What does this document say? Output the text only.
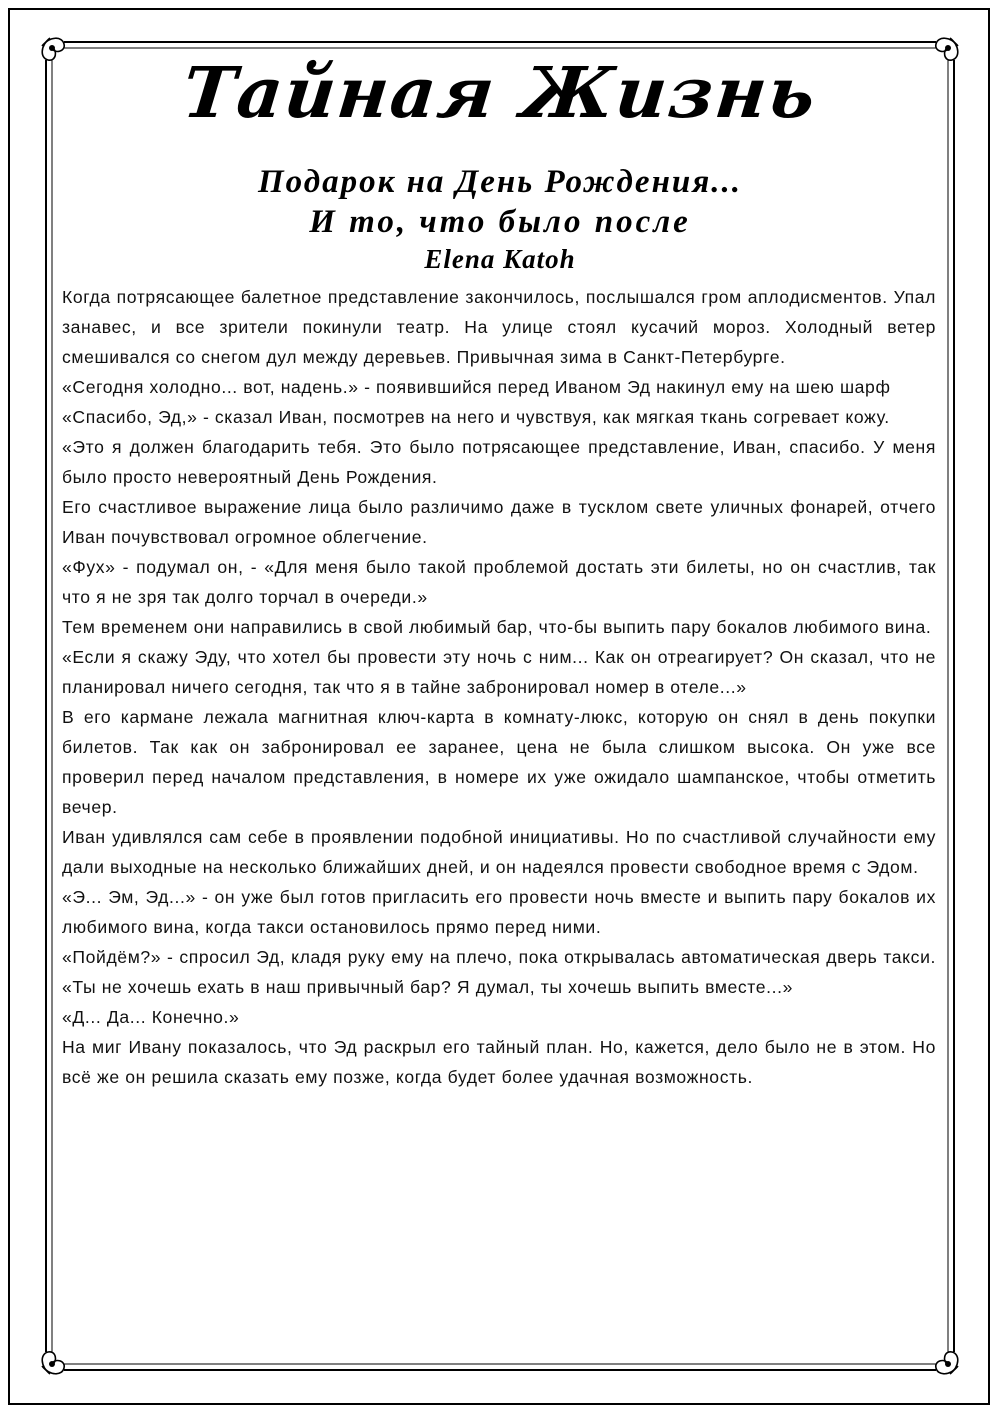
Тайная Жизнь
Подарок на День Рождения...
И то, что было после
Elena Katoh

Когда потрясающее балетное представление закончилось, послышался гром аплодисментов. Упал занавес, и все зрители покинули театр. На улице стоял кусачий мороз. Холодный ветер смешивался со снегом дул между деревьев. Привычная зима в Санкт-Петербурге.

«Сегодня холодно... вот, надень.» - появившийся перед Иваном Эд накинул ему на шею шарф

«Спасибо, Эд,» - сказал Иван, посмотрев на него и чувствуя, как мягкая ткань согревает кожу.

«Это я должен благодарить тебя. Это было потрясающее представление, Иван, спасибо. У меня было просто невероятный День Рождения.

Его счастливое выражение лица было различимо даже в тусклом свете уличных фонарей, отчего Иван почувствовал огромное облегчение.

«Фух» - подумал он, - «Для меня было такой проблемой достать эти билеты, но он счастлив, так что я не зря так долго торчал в очереди.»

Тем временем они направились в свой любимый бар, что-бы выпить пару бокалов любимого вина.

«Если я скажу Эду, что хотел бы провести эту ночь с ним... Как он отреагирует? Он сказал, что не планировал ничего сегодня, так что я в тайне забронировал номер в отеле...»

В его кармане лежала магнитная ключ-карта в комнату-люкс, которую он снял в день покупки билетов. Так как он забронировал ее заранее, цена не была слишком высока. Он уже все проверил перед началом представления, в номере их уже ожидало шампанское, чтобы отметить вечер.

Иван удивлялся сам себе в проявлении подобной инициативы. Но по счастливой случайности ему дали выходные на несколько ближайших дней, и он надеялся провести свободное время с Эдом.

«Э... Эм, Эд...» - он уже был готов пригласить его провести ночь вместе и выпить пару бокалов их любимого вина, когда такси остановилось прямо перед ними.

«Пойдём?» - спросил Эд, кладя руку ему на плечо, пока открывалась автоматическая дверь такси. «Ты не хочешь ехать в наш привычный бар? Я думал, ты хочешь выпить вместе...»

«Д... Да... Конечно.»

На миг Ивану показалось, что Эд раскрыл его тайный план. Но, кажется, дело было не в этом. Но всё же он решила сказать ему позже, когда будет более удачная возможность.
